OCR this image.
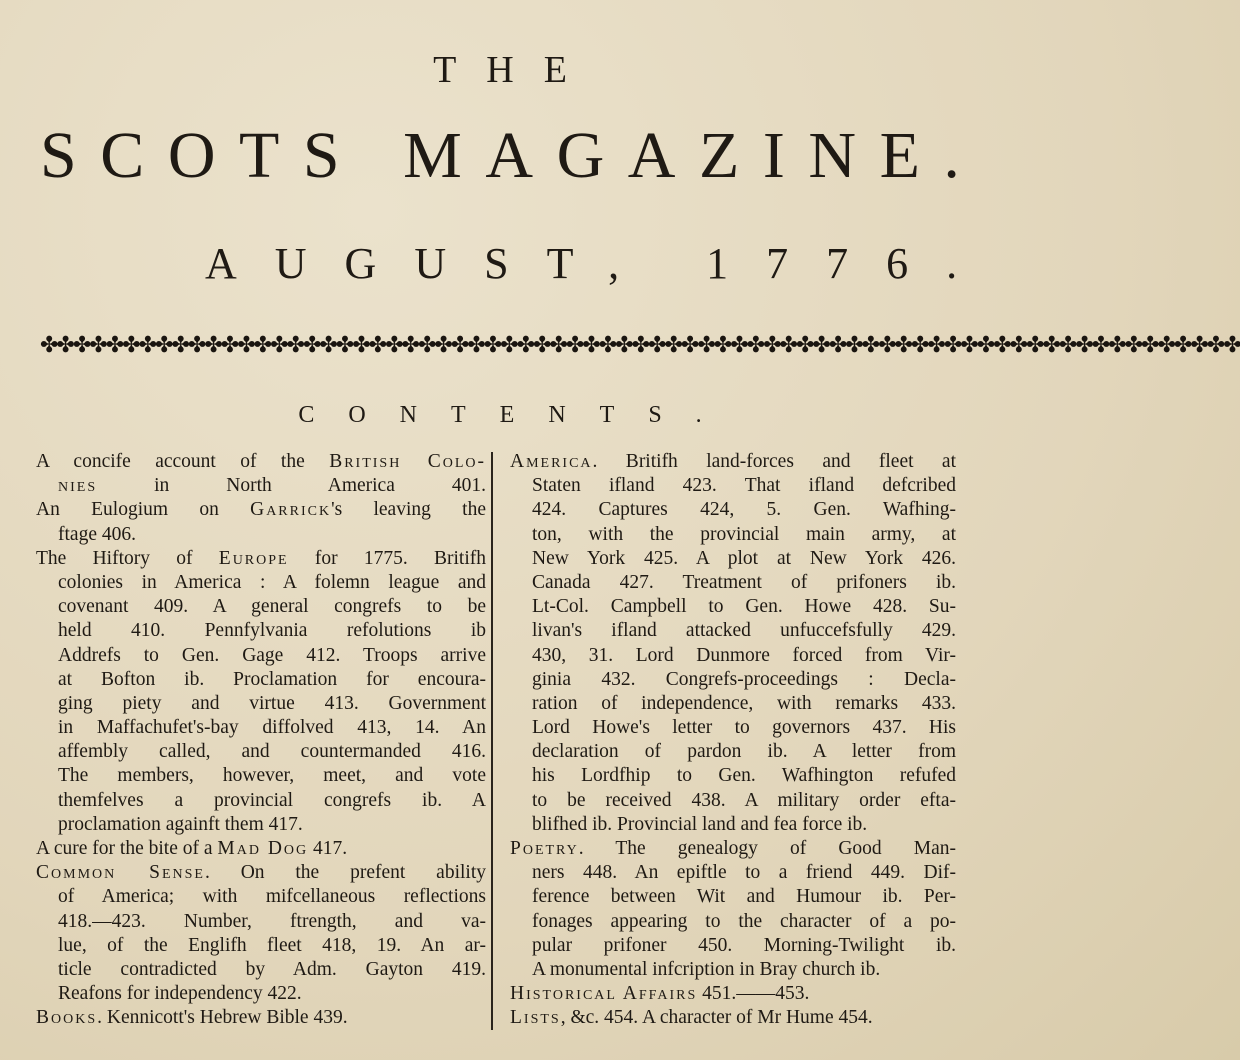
THE
S C O T S
M A G A Z I N E .
AUGUST, 1776.
✤✤✤✤✤✤✤✤✤✤✤✤✤✤✤✤✤✤✤✤✤✤✤✤✤✤✤✤✤✤✤✤✤✤✤✤✤✤✤✤✤✤✤✤✤✤✤✤✤✤✤✤✤✤✤✤✤✤✤✤✤✤✤✤✤✤✤✤✤✤✤✤✤
CONTENTS.
A concife account of the British Colo-
nies in North America 401.
An Eulogium on Garrick's leaving the
ftage 406.
The Hiftory of Europe for 1775. Britifh
colonies in America : A folemn league and
covenant 409. A general congrefs to be
held 410. Pennfylvania refolutions ib
Addrefs to Gen. Gage 412. Troops arrive
at Bofton ib. Proclamation for encoura-
ging piety and virtue 413. Government
in Maffachufet's-bay diffolved 413, 14. An
affembly called, and countermanded 416.
The members, however, meet, and vote
themfelves a provincial congrefs ib. A
proclamation againft them 417.
A cure for the bite of a Mad Dog 417.
Common Sense. On the prefent ability
of America; with mifcellaneous reflections
418.—423. Number, ftrength, and va-
lue, of the Englifh fleet 418, 19. An ar-
ticle contradicted by Adm. Gayton 419.
Reafons for independency 422.
Books. Kennicott's Hebrew Bible 439.
America. Britifh land-forces and fleet at
Staten ifland 423. That ifland defcribed
424. Captures 424, 5. Gen. Wafhing-
ton, with the provincial main army, at
New York 425. A plot at New York 426.
Canada 427. Treatment of prifoners ib.
Lt-Col. Campbell to Gen. Howe 428. Su-
livan's ifland attacked unfuccefsfully 429.
430, 31. Lord Dunmore forced from Vir-
ginia 432. Congrefs-proceedings : Decla-
ration of independence, with remarks 433.
Lord Howe's letter to governors 437. His
declaration of pardon ib. A letter from
his Lordfhip to Gen. Wafhington refufed
to be received 438. A military order efta-
blifhed ib. Provincial land and fea force ib.
Poetry. The genealogy of Good Man-
ners 448. An epiftle to a friend 449. Dif-
ference between Wit and Humour ib. Per-
fonages appearing to the character of a po-
pular prifoner 450. Morning-Twilight ib.
A monumental infcription in Bray church ib.
Historical Affairs 451.——453.
Lists, &c. 454. A character of Mr Hume 454.
